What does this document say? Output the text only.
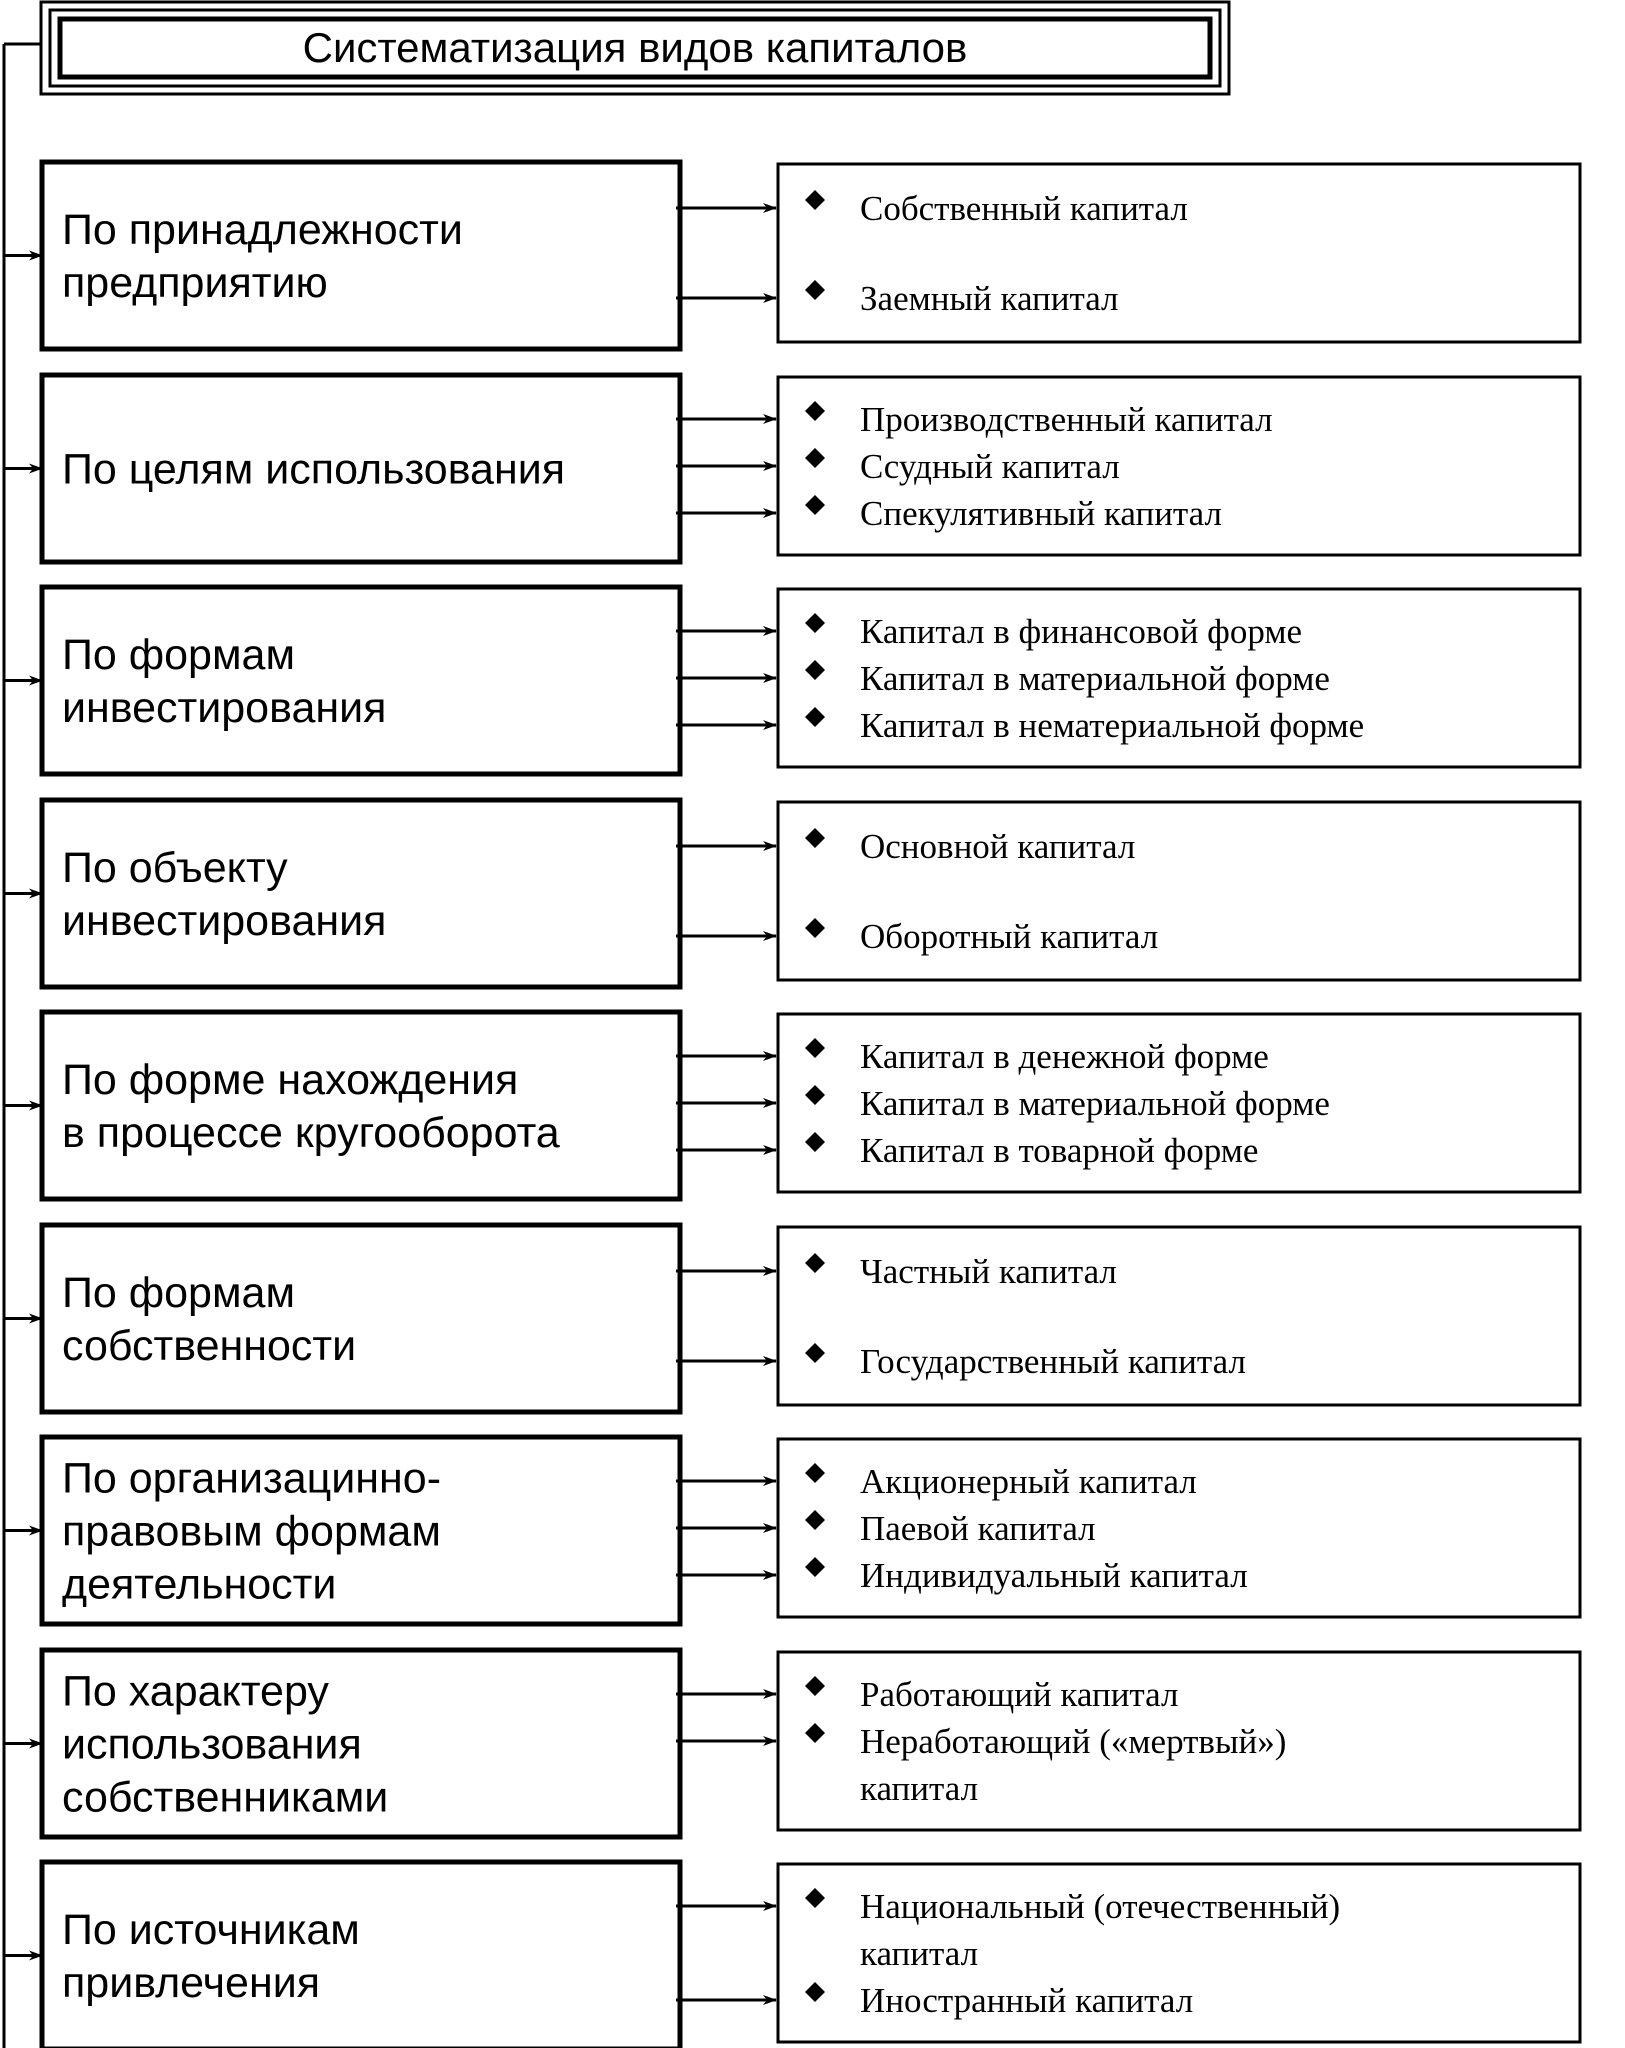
Систематизация видов капиталов
По принадлежности
предприятию
Собственный капитал
Заемный капитал
По целям использования
Производственный капитал
Ссудный капитал
Спекулятивный капитал
По формам
инвестирования
Капитал в финансовой форме
Капитал в материальной форме
Капитал в нематериальной форме
По объекту
инвестирования
Основной капитал
Оборотный капитал
По форме нахождения
в процессе кругооборота
Капитал в денежной форме
Капитал в материальной форме
Капитал в товарной форме
По формам
собственности
Частный капитал
Государственный капитал
По организацинно-
правовым формам
деятельности
Акционерный капитал
Паевой капитал
Индивидуальный капитал
По характеру
использования
собственниками
Работающий капитал
Неработающий («мертвый»)
капитал
По источникам
привлечения
Национальный (отечественный)
капитал
Иностранный капитал
